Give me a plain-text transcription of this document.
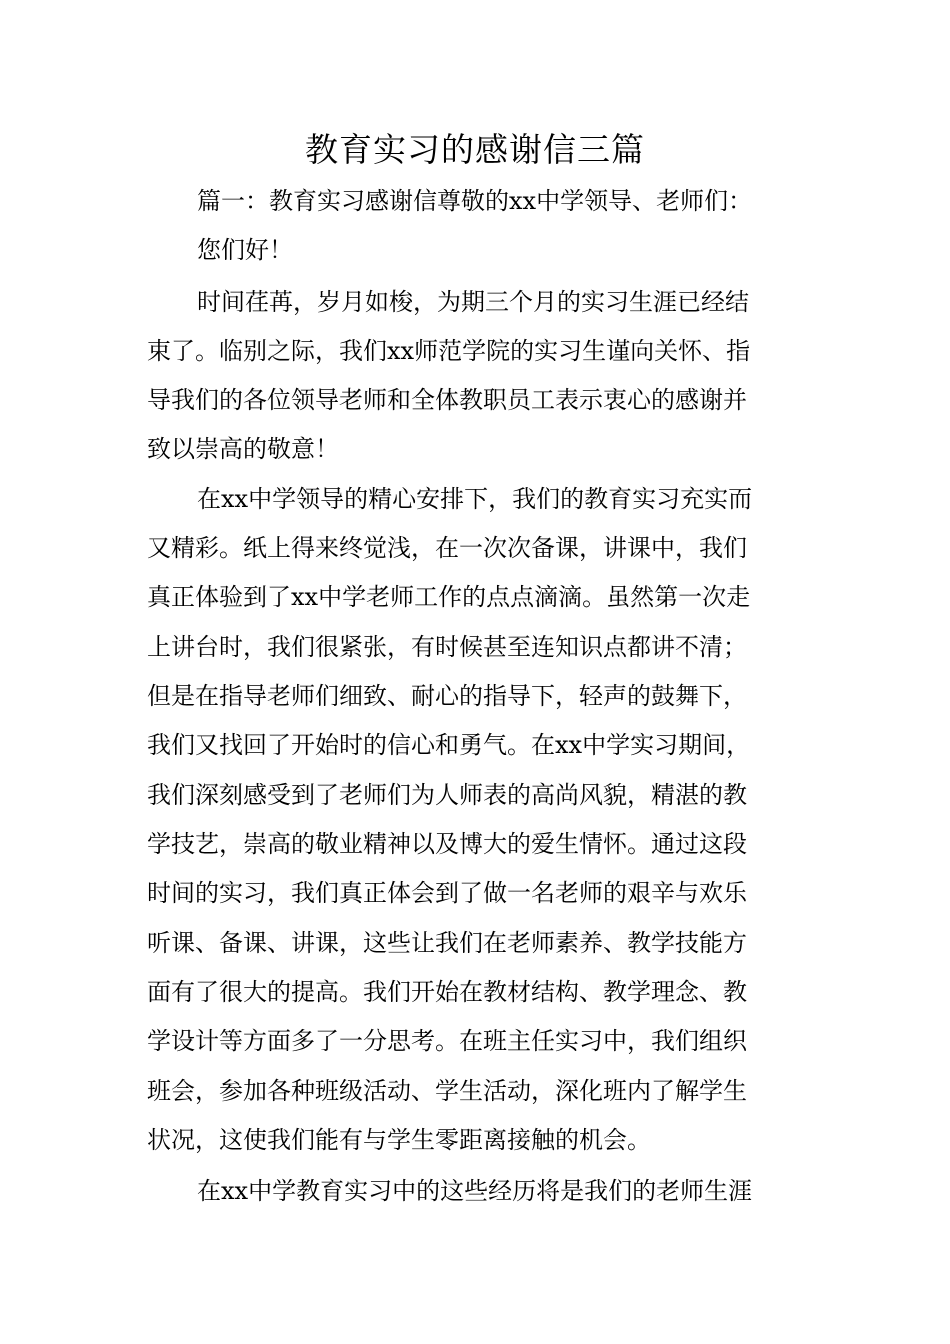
教育实习的感谢信三篇

篇一：教育实习感谢信尊敬的xx中学领导、老师们：

您们好！

时间荏苒，岁月如梭，为期三个月的实习生涯已经结

束了。临别之际，我们xx师范学院的实习生谨向关怀、指

导我们的各位领导老师和全体教职员工表示衷心的感谢并

致以崇高的敬意！

在xx中学领导的精心安排下，我们的教育实习充实而

又精彩。纸上得来终觉浅，在一次次备课，讲课中，我们

真正体验到了xx中学老师工作的点点滴滴。虽然第一次走

上讲台时，我们很紧张，有时候甚至连知识点都讲不清；

但是在指导老师们细致、耐心的指导下，轻声的鼓舞下，

我们又找回了开始时的信心和勇气。在xx中学实习期间，

我们深刻感受到了老师们为人师表的高尚风貌，精湛的教

学技艺，崇高的敬业精神以及博大的爱生情怀。通过这段

时间的实习，我们真正体会到了做一名老师的艰辛与欢乐

听课、备课、讲课，这些让我们在老师素养、教学技能方

面有了很大的提高。我们开始在教材结构、教学理念、教

学设计等方面多了一分思考。在班主任实习中，我们组织

班会，参加各种班级活动、学生活动，深化班内了解学生

状况，这使我们能有与学生零距离接触的机会。

在xx中学教育实习中的这些经历将是我们的老师生涯
